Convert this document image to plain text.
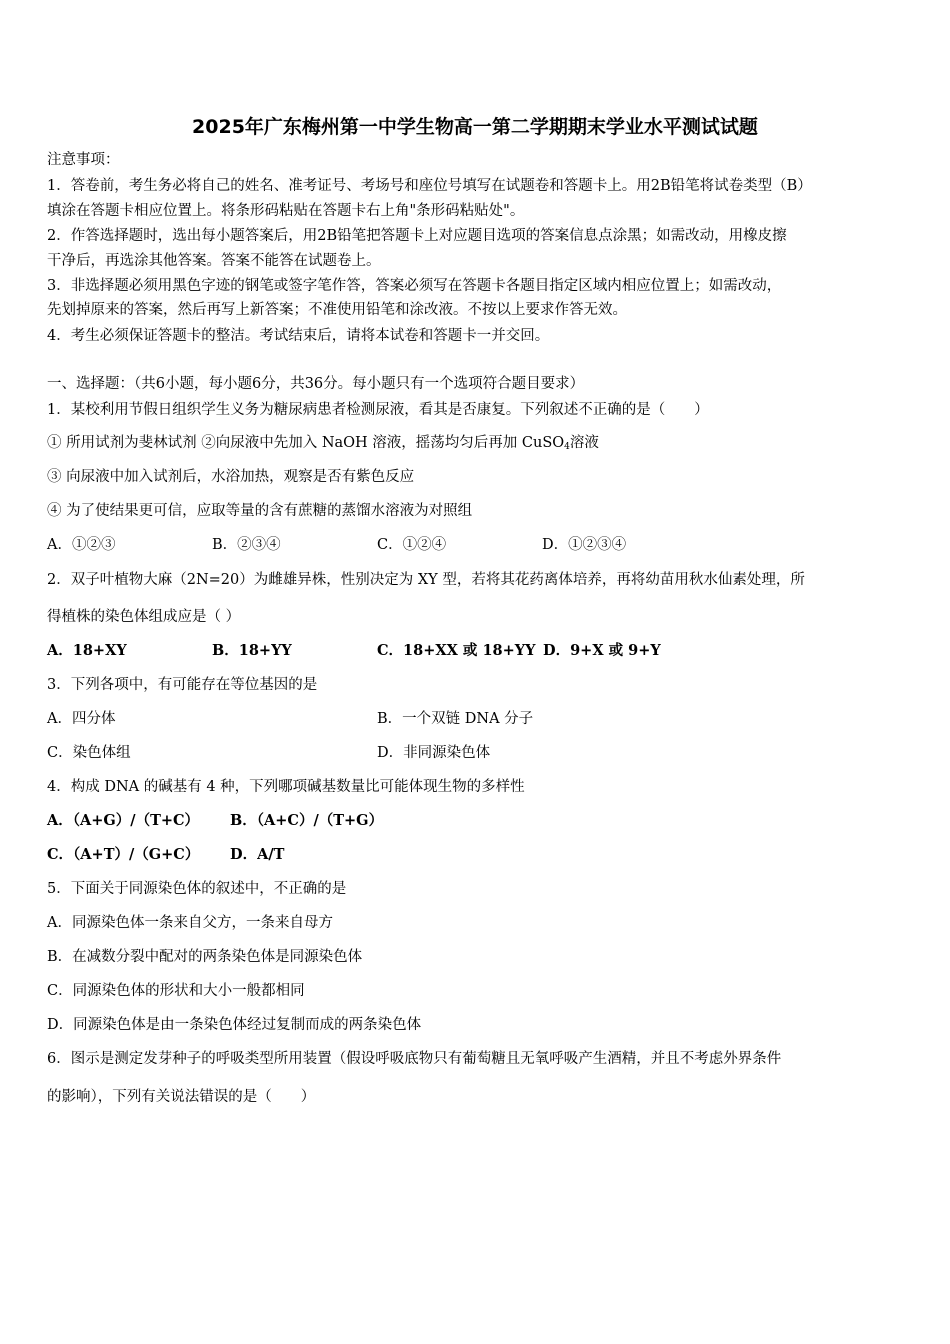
2025年广东梅州第一中学生物高一第二学期期末学业水平测试试题
注意事项：
1．答卷前，考生务必将自己的姓名、准考证号、考场号和座位号填写在试题卷和答题卡上。用2B铅笔将试卷类型（B）
填涂在答题卡相应位置上。将条形码粘贴在答题卡右上角"条形码粘贴处"。
2．作答选择题时，选出每小题答案后，用2B铅笔把答题卡上对应题目选项的答案信息点涂黑；如需改动，用橡皮擦
干净后，再选涂其他答案。答案不能答在试题卷上。
3．非选择题必须用黑色字迹的钢笔或签字笔作答，答案必须写在答题卡各题目指定区域内相应位置上；如需改动，
先划掉原来的答案，然后再写上新答案；不准使用铅笔和涂改液。不按以上要求作答无效。
4．考生必须保证答题卡的整洁。考试结束后，请将本试卷和答题卡一并交回。
一、选择题：（共6小题，每小题6分，共36分。每小题只有一个选项符合题目要求）
1．某校利用节假日组织学生义务为糖尿病患者检测尿液，看其是否康复。下列叙述不正确的是（　　）
① 所用试剂为斐林试剂 ②向尿液中先加入 NaOH 溶液，摇荡均匀后再加 CuSO$_4$溶液
③ 向尿液中加入试剂后，水浴加热，观察是否有紫色反应
④ 为了使结果更可信，应取等量的含有蔗糖的蒸馏水溶液为对照组
A．①②③	B．②③④	C．①②④	D．①②③④
2．双子叶植物大麻（2N=20）为雌雄异株，性别决定为 XY 型，若将其花药离体培养，再将幼苗用秋水仙素处理，所
得植株的染色体组成应是（ ）
A．18+XY	B．18+YY	C．18+XX 或 18+YY D．9+X 或 9+Y
3．下列各项中，有可能存在等位基因的是
A．四分体	B．一个双链 DNA 分子
C．染色体组	D．非同源染色体
4．构成 DNA 的碱基有 4 种，下列哪项碱基数量比可能体现生物的多样性
A．（A+G）/（T+C） B．（A+C）/（T+G）
C．（A+T）/（G+C） D．A/T
5．下面关于同源染色体的叙述中，不正确的是
A．同源染色体一条来自父方，一条来自母方
B．在减数分裂中配对的两条染色体是同源染色体
C．同源染色体的形状和大小一般都相同
D．同源染色体是由一条染色体经过复制而成的两条染色体
6．图示是测定发芽种子的呼吸类型所用装置（假设呼吸底物只有葡萄糖且无氧呼吸产生酒精，并且不考虑外界条件
的影响），下列有关说法错误的是（　　）
